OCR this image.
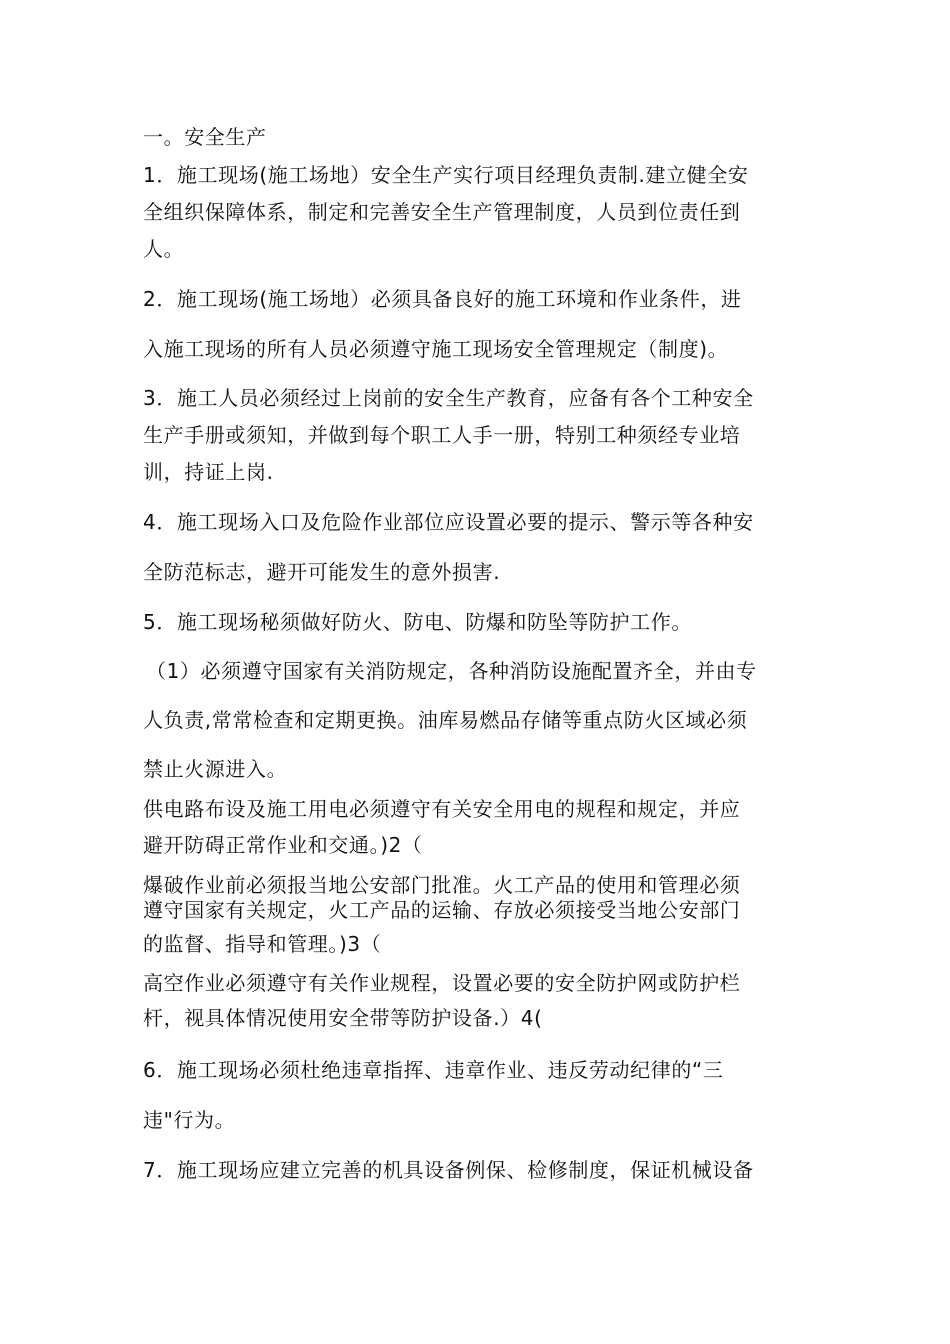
一。安全生产
1．施工现场(施工场地）安全生产实行项目经理负责制.建立健全安
全组织保障体系，制定和完善安全生产管理制度，人员到位责任到
人。
2．施工现场(施工场地）必须具备良好的施工环境和作业条件，进
入施工现场的所有人员必须遵守施工现场安全管理规定（制度)。
3．施工人员必须经过上岗前的安全生产教育，应备有各个工种安全
生产手册或须知，并做到每个职工人手一册，特别工种须经专业培
训，持证上岗.
4．施工现场入口及危险作业部位应设置必要的提示、警示等各种安
全防范标志，避开可能发生的意外损害.
5．施工现场秘须做好防火、防电、防爆和防坠等防护工作。
（1）必须遵守国家有关消防规定，各种消防设施配置齐全，并由专
人负责,常常检查和定期更换。油库易燃品存储等重点防火区域必须
禁止火源进入。
供电路布设及施工用电必须遵守有关安全用电的规程和规定，并应
避开防碍正常作业和交通。)2（
爆破作业前必须报当地公安部门批准。火工产品的使用和管理必须
遵守国家有关规定，火工产品的运输、存放必须接受当地公安部门
的监督、指导和管理。)3（
高空作业必须遵守有关作业规程，设置必要的安全防护网或防护栏
杆，视具体情况使用安全带等防护设备.）4(
6．施工现场必须杜绝违章指挥、违章作业、违反劳动纪律的“三
违"行为。
7．施工现场应建立完善的机具设备例保、检修制度，保证机械设备
